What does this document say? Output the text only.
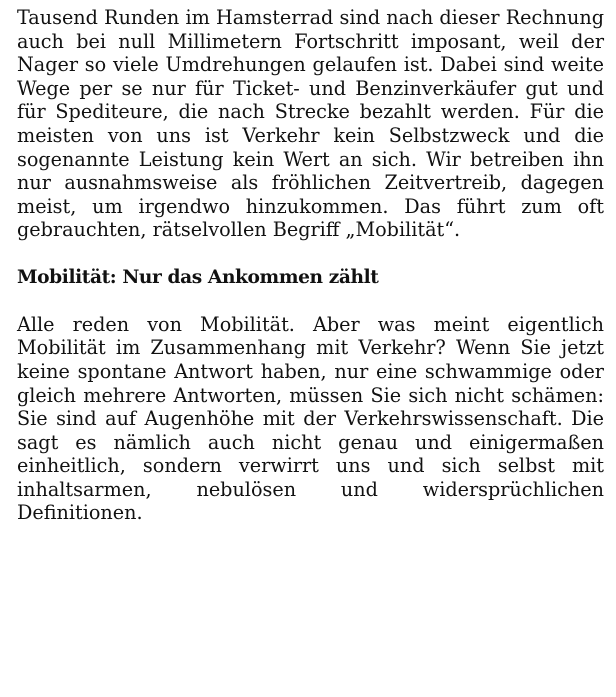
Tausend Runden im Hamsterrad sind nach dieser Rechnung auch bei null Millimetern Fortschritt imposant, weil der Nager so viele Umdrehungen gelaufen ist. Dabei sind weite Wege per se nur für Ticket- und Benzinverkäufer gut und für Spediteure, die nach Strecke bezahlt werden. Für die meisten von uns ist Verkehr kein Selbstzweck und die sogenannte Leistung kein Wert an sich. Wir betreiben ihn nur ausnahmsweise als fröhlichen Zeitvertreib, dagegen meist, um irgendwo hinzukommen. Das führt zum oft gebrauchten, rätselvollen Begriff „Mobilität“.

Mobilität: Nur das Ankommen zählt

Alle reden von Mobilität. Aber was meint eigentlich Mobilität im Zusammenhang mit Verkehr? Wenn Sie jetzt keine spontane Antwort haben, nur eine schwammige oder gleich mehrere Antworten, müssen Sie sich nicht schämen: Sie sind auf Augenhöhe mit der Verkehrswissenschaft. Die sagt es nämlich auch nicht genau und einigermaßen einheitlich, sondern verwirrt uns und sich selbst mit inhaltsarmen, nebulösen und widersprüchlichen Definitionen.
